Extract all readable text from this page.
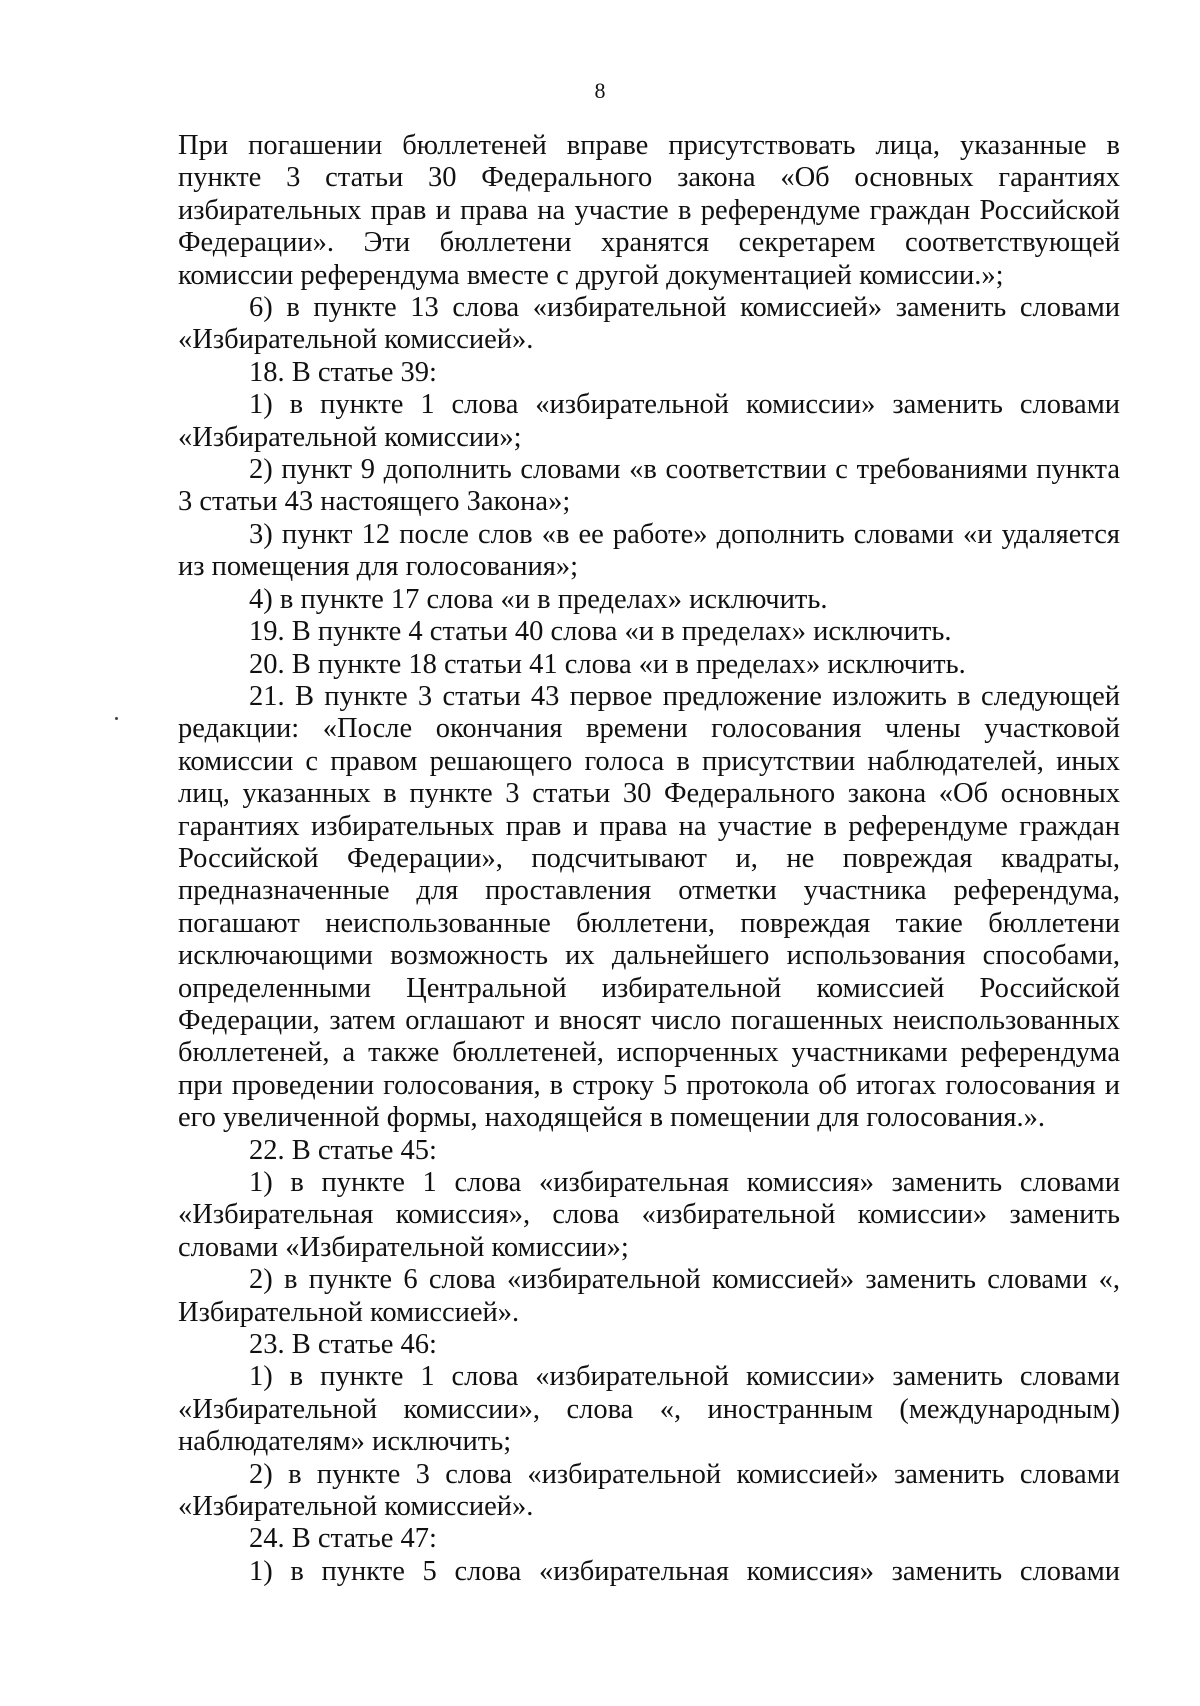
8

При погашении бюллетеней вправе присутствовать лица, указанные в пункте 3 статьи 30 Федерального закона «Об основных гарантиях избирательных прав и права на участие в референдуме граждан Российской Федерации». Эти бюллетени хранятся секретарем соответствующей комиссии референдума вместе с другой документацией комиссии.»;

6) в пункте 13 слова «избирательной комиссией» заменить словами «Избирательной комиссией».

18. В статье 39:

1) в пункте 1 слова «избирательной комиссии» заменить словами «Избирательной комиссии»;

2) пункт 9 дополнить словами «в соответствии с требованиями пункта 3 статьи 43 настоящего Закона»;

3) пункт 12 после слов «в ее работе» дополнить словами «и удаляется из помещения для голосования»;

4) в пункте 17 слова «и в пределах» исключить.

19. В пункте 4 статьи 40 слова «и в пределах» исключить.

20. В пункте 18 статьи 41 слова «и в пределах» исключить.

21. В пункте 3 статьи 43 первое предложение изложить в следующей редакции: «После окончания времени голосования члены участковой комиссии с правом решающего голоса в присутствии наблюдателей, иных лиц, указанных в пункте 3 статьи 30 Федерального закона «Об основных гарантиях избирательных прав и права на участие в референдуме граждан Российской Федерации», подсчитывают и, не повреждая квадраты, предназначенные для проставления отметки участника референдума, погашают неиспользованные бюллетени, повреждая такие бюллетени исключающими возможность их дальнейшего использования способами, определенными Центральной избирательной комиссией Российской Федерации, затем оглашают и вносят число погашенных неиспользованных бюллетеней, а также бюллетеней, испорченных участниками референдума при проведении голосования, в строку 5 протокола об итогах голосования и его увеличенной формы, находящейся в помещении для голосования.».

22. В статье 45:

1) в пункте 1 слова «избирательная комиссия» заменить словами «Избирательная комиссия», слова «избирательной комиссии» заменить словами «Избирательной комиссии»;

2) в пункте 6 слова «избирательной комиссией» заменить словами «, Избирательной комиссией».

23. В статье 46:

1) в пункте 1 слова «избирательной комиссии» заменить словами «Избирательной комиссии», слова «, иностранным (международным) наблюдателям» исключить;

2) в пункте 3 слова «избирательной комиссией» заменить словами «Избирательной комиссией».

24. В статье 47:

1) в пункте 5 слова «избирательная комиссия» заменить словами
